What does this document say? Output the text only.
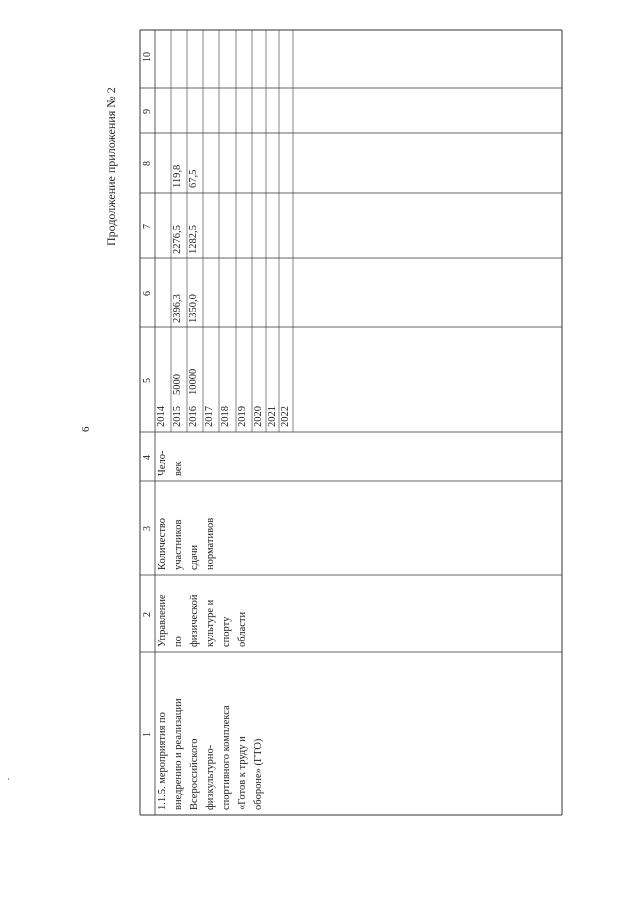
6
Продолжение приложения № 2
1
2
3
4
5
6
7
8
9
10
1.1.5. мероприятия по внедрению и реализации Всероссийского физкультурно- спортивного комплекса «Готов к труду и обороне» (ГТО)
Управление по физической культуре и спорту области
Количество участников сдачи нормативов
Чело- век
2014 2015 2016 2017 2018 2019 2020 2021 2022
5000 10000
2396,3 1350,0
2276,5 1282,5
119,8 67,5
